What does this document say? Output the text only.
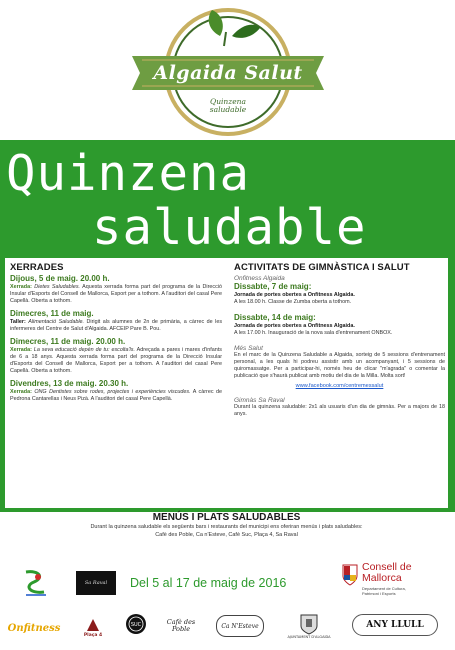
Algaida Salut
Quinzena
saludable
Quinzena
saludable
XERRADES
Dijous, 5 de maig. 20.00 h.
Xerrada: Dietes Saludables. Aquesta xerrada forma part del programa de la Direcció Insular d'Esports del Consell de Mallorca, Esport per a tothom. A l'auditori del casal Pere Capellà. Oberta a tothom.
Dimecres, 11 de maig.
Taller: Alimentació Saludable. Dirigit als alumnes de 2n de primària, a càrrec de les infermeres del Centre de Salut d'Algaida. AFCEIP Pare B. Pou.
Dimecres, 11 de maig. 20.00 h.
Xerrada: La seva educació depèn de tu: escolta'ls. Adreçada a pares i mares d'infants de 6 a 18 anys. Aquesta xerrada forma part del programa de la Direcció Insular d'Esports del Consell de Mallorca, Esport per a tothom. A l'auditori del casal Pere Capellà. Oberta a tothom.
Divendres, 13 de maig. 20.30 h.
Xerrada: ONG Dentistes sobre rodes, projectes i experiències viscudes. A càrrec de Pedrona Cantarellas i Neus Pizà. A l'auditori del casal Pere Capellà.
ACTIVITATS DE GIMNÀSTICA I SALUT
Onfitness Algaida
Dissabte, 7 de maig:
Jornada de portes obertes a Onfitness Algaida.
A les 18.00 h. Classe de Zumba oberta a tothom.
Dissabte, 14 de maig:
Jornada de portes obertes a Onfitness Algaida.
A les 17.00 h. Inauguració de la nova sala d'entrenament ONBOX.
Més Salut
En el marc de la Quinzena Saludable a Algaida, sorteig de 5 sessions d'entrenament personal, a les quals hi podreu assistir amb un acompanyant, i 5 sessions de quiromassatge. Per a participar-hi, només heu de clicar "m'agrada" o comentar la publicació que s'haurà publicat amb motiu del dia de la Milla. Molta sort!
www.facebook.com/centremessalut
Gimnàs Sa Raval
Durant la quinzena saludable: 2x1 als usuaris d'un dia de gimnàs. Per a majors de 18 anys.
MENÚS I PLATS SALUDABLES
Durant la quinzena saludable els següents bars i restaurants del municipi ens oferiran menús i plats saludables:
Cafè des Poble, Ca n'Esteve, Cafè Suc, Plaça 4, Sa Raval
Sa Raval Del 5 al 17 de maig de 2016
Consell de
Mallorca
Departament de Cultura, Patrimoni i Esports
Onfitness
Plaça 4
SUC	Cafè des Poble	Ca N'Esteve
AJUNTAMENT D'ALGAIDA
ANY LLULL
